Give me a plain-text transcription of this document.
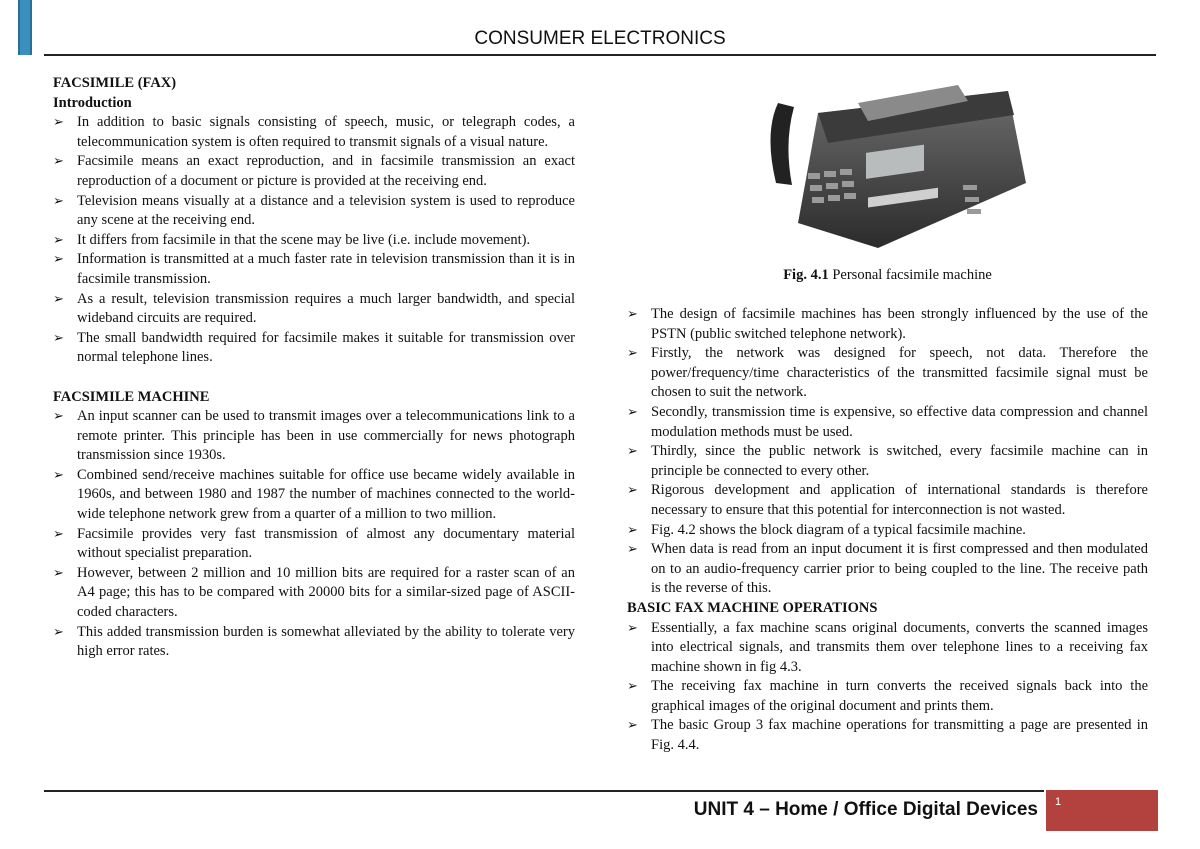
CONSUMER ELECTRONICS

FACSIMILE (FAX)

Introduction

➢ In addition to basic signals consisting of speech, music, or telegraph codes, a telecommunication system is often required to transmit signals of a visual nature.
➢ Facsimile means an exact reproduction, and in facsimile transmission an exact reproduction of a document or picture is provided at the receiving end.
➢ Television means visually at a distance and a television system is used to reproduce any scene at the receiving end.
➢ It differs from facsimile in that the scene may be live (i.e. include movement).
➢ Information is transmitted at a much faster rate in television transmission than it is in facsimile transmission.
➢ As a result, television transmission requires a much larger bandwidth, and special wideband circuits are required.
➢ The small bandwidth required for facsimile makes it suitable for transmission over normal telephone lines.

FACSIMILE MACHINE

➢ An input scanner can be used to transmit images over a telecommunications link to a remote printer. This principle has been in use commercially for news photograph transmission since 1930s.
➢ Combined send/receive machines suitable for office use became widely available in 1960s, and between 1980 and 1987 the number of machines connected to the world-wide telephone network grew from a quarter of a million to two million.
➢ Facsimile provides very fast transmission of almost any documentary material without specialist preparation.
➢ However, between 2 million and 10 million bits are required for a raster scan of an A4 page; this has to be compared with 20000 bits for a similar-sized page of ASCII-coded characters.
➢ This added transmission burden is somewhat alleviated by the ability to tolerate very high error rates.
Fig. 4.1 Personal facsimile machine
➢ The design of facsimile machines has been strongly influenced by the use of the PSTN (public switched telephone network).
➢ Firstly, the network was designed for speech, not data. Therefore the power/frequency/time characteristics of the transmitted facsimile signal must be chosen to suit the network.
➢ Secondly, transmission time is expensive, so effective data compression and channel modulation methods must be used.
➢ Thirdly, since the public network is switched, every facsimile machine can in principle be connected to every other.
➢ Rigorous development and application of international standards is therefore necessary to ensure that this potential for interconnection is not wasted.
➢ Fig. 4.2 shows the block diagram of a typical facsimile machine.
➢ When data is read from an input document it is first compressed and then modulated on to an audio-frequency carrier prior to being coupled to the line. The receive path is the reverse of this.

BASIC FAX MACHINE OPERATIONS

➢ Essentially, a fax machine scans original documents, converts the scanned images into electrical signals, and transmits them over telephone lines to a receiving fax machine shown in fig 4.3.
➢ The receiving fax machine in turn converts the received signals back into the graphical images of the original document and prints them.
➢ The basic Group 3 fax machine operations for transmitting a page are presented in Fig. 4.4.
UNIT 4 – Home / Office Digital Devices 1
